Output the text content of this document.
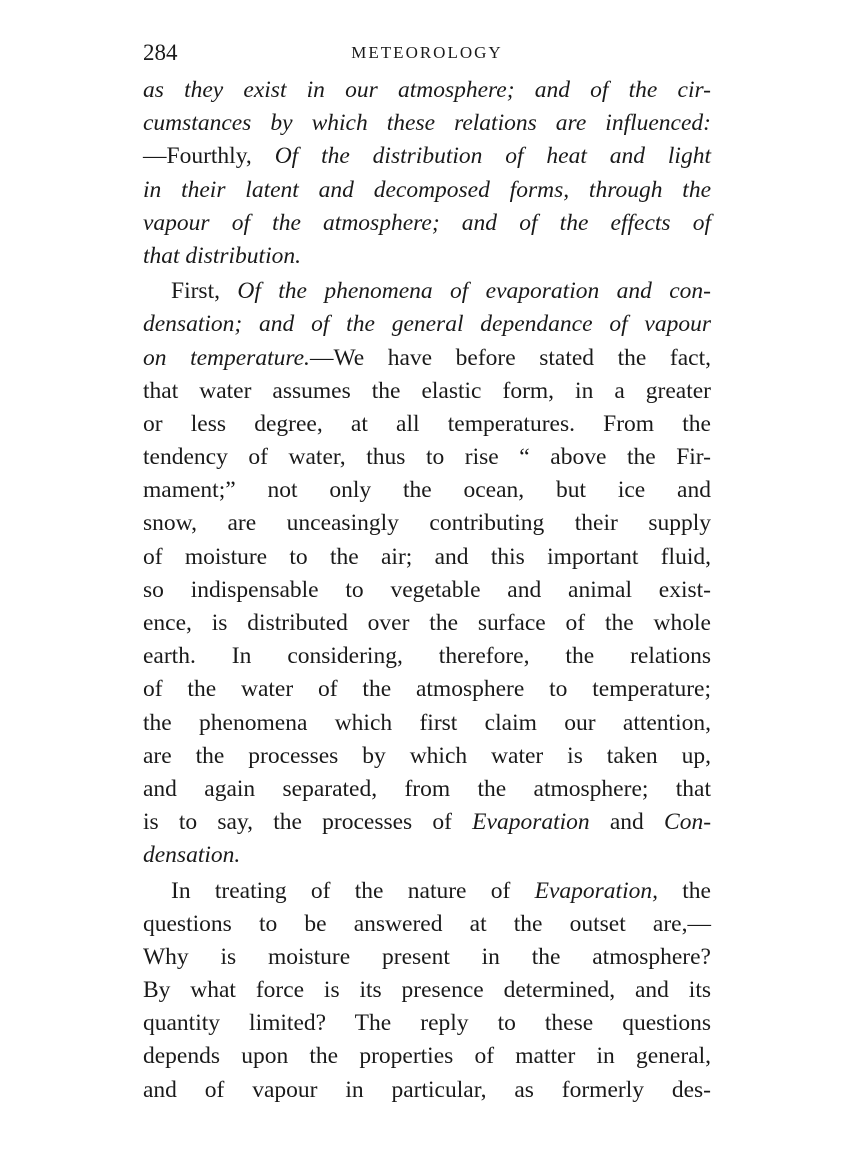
284	METEOROLOGY
as they exist in our atmosphere; and of the cir-
cumstances by which these relations are influenced:
—Fourthly, Of the distribution of heat and light
in their latent and decomposed forms, through the
vapour of the atmosphere; and of the effects of
that distribution.
First, Of the phenomena of evaporation and con-
densation; and of the general dependance of vapour
on temperature.—We have before stated the fact,
that water assumes the elastic form, in a greater
or less degree, at all temperatures. From the
tendency of water, thus to rise “ above the Fir-
mament;” not only the ocean, but ice and
snow, are unceasingly contributing their supply
of moisture to the air; and this important fluid,
so indispensable to vegetable and animal exist-
ence, is distributed over the surface of the whole
earth. In considering, therefore, the relations
of the water of the atmosphere to temperature;
the phenomena which first claim our attention,
are the processes by which water is taken up,
and again separated, from the atmosphere; that
is to say, the processes of Evaporation and Con-
densation.
In treating of the nature of Evaporation, the
questions to be answered at the outset are,—
Why is moisture present in the atmosphere?
By what force is its presence determined, and its
quantity limited? The reply to these questions
depends upon the properties of matter in general,
and of vapour in particular, as formerly des-
